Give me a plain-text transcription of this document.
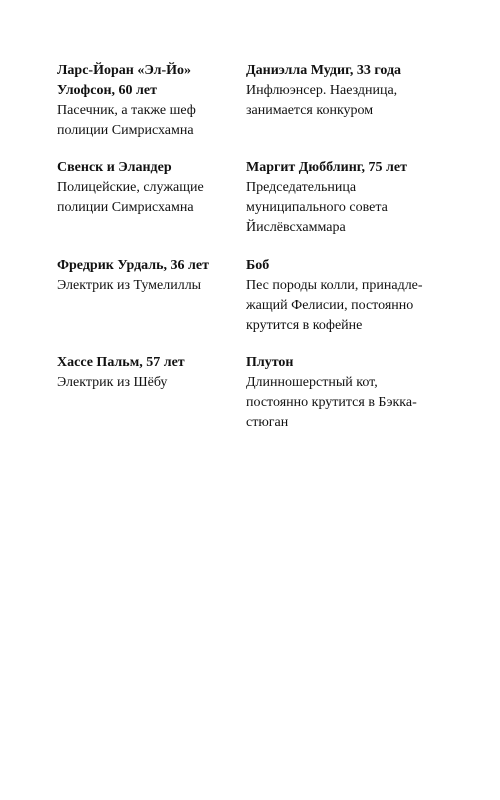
Ларс-Йоран «Эл-Йо»
Улофсон, 60 лет

Пасечник, а также шеф
полиции Симрисхамна

Свенск и Эландер

Полицейские, служащие
полиции Симрисхамна

Фредрик Урдаль, 36 лет

Электрик из Тумелиллы

Хассе Пальм, 57 лет

Электрик из Шёбу

Даниэлла Мудиг, 33 года

Инфлюэнсер. Наездница,
занимается конкуром

Маргит Дюбблинг, 75 лет

Председательница
муниципального совета
Йислёвсхаммара

Боб

Пес породы колли, принадле-
жащий Фелисии, постоянно
крутится в кофейне

Плутон

Длинношерстный кот,
постоянно крутится в Бэкка-
стюган
